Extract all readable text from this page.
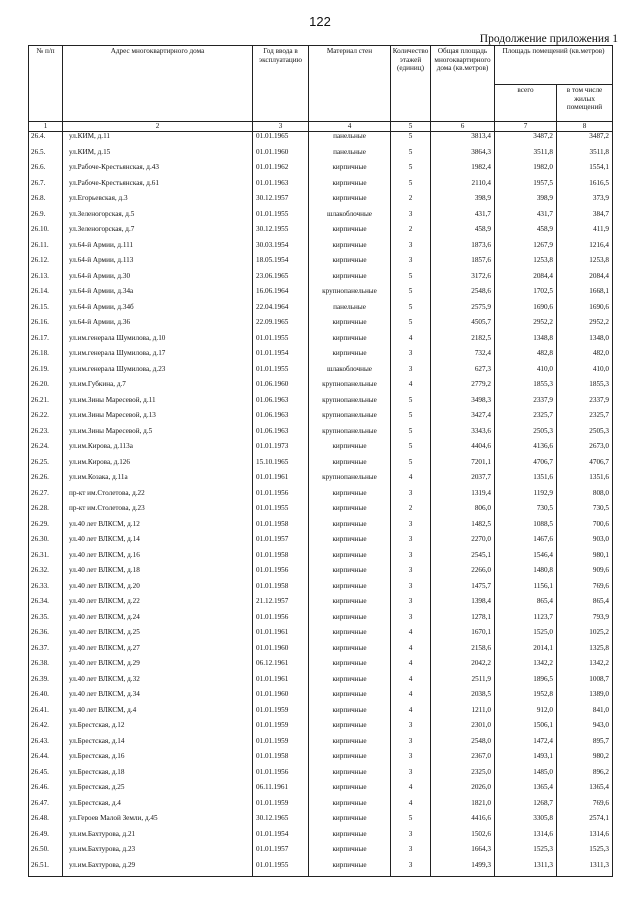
122
Продолжение приложения 1
№ п/п	Адрес многоквартирного дома	Год ввода в эксплуатацию	Материал стен	Количество этажей (единиц)	Общая площадь многоквартирного дома (кв.метров)	Площадь помещений (кв.метров)	
						всего	в том числе жилых помещений
1	2	3	4	5	6	7	8
26.4.	ул.КИМ, д.11	01.01.1965	панельные	5	3813,4	3487,2	3487,2
26.5.	ул.КИМ, д.15	01.01.1960	панельные	5	3864,3	3511,8	3511,8
26.6.	ул.Рабоче-Крестьянская, д.43	01.01.1962	кирпичные	5	1982,4	1982,0	1554,1
26.7.	ул.Рабоче-Крестьянская, д.61	01.01.1963	кирпичные	5	2110,4	1957,5	1616,5
26.8.	ул.Егорьевская, д.3	30.12.1957	кирпичные	2	398,9	398,9	373,9
26.9.	ул.Зеленогорская, д.5	01.01.1955	шлакоблочные	3	431,7	431,7	384,7
26.10.	ул.Зеленогорская, д.7	30.12.1955	кирпичные	2	458,9	458,9	411,9
26.11.	ул.64-й Армии, д.111	30.03.1954	кирпичные	3	1873,6	1267,9	1216,4
26.12.	ул.64-й Армии, д.113	18.05.1954	кирпичные	3	1857,6	1253,8	1253,8
26.13.	ул.64-й Армии, д.30	23.06.1965	кирпичные	5	3172,6	2084,4	2084,4
26.14.	ул.64-й Армии, д.34а	16.06.1964	крупнопанельные	5	2548,6	1702,5	1668,1
26.15.	ул.64-й Армии, д.34б	22.04.1964	панельные	5	2575,9	1690,6	1690,6
26.16.	ул.64-й Армии, д.36	22.09.1965	кирпичные	5	4505,7	2952,2	2952,2
26.17.	ул.им.генерала Шумилова, д.10	01.01.1955	кирпичные	4	2182,5	1348,8	1348,0
26.18.	ул.им.генерала Шумилова, д.17	01.01.1954	кирпичные	3	732,4	482,8	482,0
26.19.	ул.им.генерала Шумилова, д.23	01.01.1955	шлакоблочные	3	627,3	410,0	410,0
26.20.	ул.им.Губкина, д.7	01.06.1960	крупнопанельные	4	2779,2	1855,3	1855,3
26.21.	ул.им.Зины Маресевой, д.11	01.06.1963	крупнопанельные	5	3498,3	2337,9	2337,9
26.22.	ул.им.Зины Маресевой, д.13	01.06.1963	крупнопанельные	5	3427,4	2325,7	2325,7
26.23.	ул.им.Зины Маресевой, д.5	01.06.1963	крупнопанельные	5	3343,6	2505,3	2505,3
26.24.	ул.им.Кирова, д.113а	01.01.1973	кирпичные	5	4404,6	4136,6	2673,0
26.25.	ул.им.Кирова, д.126	15.10.1965	кирпичные	5	7201,1	4706,7	4706,7
26.26.	ул.им.Козака, д.11а	01.01.1961	крупнопанельные	4	2037,7	1351,6	1351,6
26.27.	пр-кт им.Столетова, д.22	01.01.1956	кирпичные	3	1319,4	1192,9	808,0
26.28.	пр-кт им.Столетова, д.23	01.01.1955	кирпичные	2	806,0	730,5	730,5
26.29.	ул.40 лет ВЛКСМ, д.12	01.01.1958	кирпичные	3	1482,5	1088,5	700,6
26.30.	ул.40 лет ВЛКСМ, д.14	01.01.1957	кирпичные	3	2270,0	1467,6	903,0
26.31.	ул.40 лет ВЛКСМ, д.16	01.01.1958	кирпичные	3	2545,1	1546,4	980,1
26.32.	ул.40 лет ВЛКСМ, д.18	01.01.1956	кирпичные	3	2266,0	1480,8	909,6
26.33.	ул.40 лет ВЛКСМ, д.20	01.01.1958	кирпичные	3	1475,7	1156,1	769,6
26.34.	ул.40 лет ВЛКСМ, д.22	21.12.1957	кирпичные	3	1398,4	865,4	865,4
26.35.	ул.40 лет ВЛКСМ, д.24	01.01.1956	кирпичные	3	1278,1	1123,7	793,9
26.36.	ул.40 лет ВЛКСМ, д.25	01.01.1961	кирпичные	4	1670,1	1525,0	1025,2
26.37.	ул.40 лет ВЛКСМ, д.27	01.01.1960	кирпичные	4	2158,6	2014,1	1325,8
26.38.	ул.40 лет ВЛКСМ, д.29	06.12.1961	кирпичные	4	2042,2	1342,2	1342,2
26.39.	ул.40 лет ВЛКСМ, д.32	01.01.1961	кирпичные	4	2511,9	1896,5	1008,7
26.40.	ул.40 лет ВЛКСМ, д.34	01.01.1960	кирпичные	4	2038,5	1952,8	1389,0
26.41.	ул.40 лет ВЛКСМ, д.4	01.01.1959	кирпичные	4	1211,0	912,0	841,0
26.42.	ул.Брестская, д.12	01.01.1959	кирпичные	3	2301,0	1506,1	943,0
26.43.	ул.Брестская, д.14	01.01.1959	кирпичные	3	2548,0	1472,4	895,7
26.44.	ул.Брестская, д.16	01.01.1958	кирпичные	3	2367,0	1493,1	980,2
26.45.	ул.Брестская, д.18	01.01.1956	кирпичные	3	2325,0	1485,0	896,2
26.46.	ул.Брестская, д.25	06.11.1961	кирпичные	4	2026,0	1365,4	1365,4
26.47.	ул.Брестская, д.4	01.01.1959	кирпичные	4	1821,0	1268,7	769,6
26.48.	ул.Героев Малой Земли, д.45	30.12.1965	кирпичные	5	4416,6	3305,8	2574,1
26.49.	ул.им.Бахтурова, д.21	01.01.1954	кирпичные	3	1502,6	1314,6	1314,6
26.50.	ул.им.Бахтурова, д.23	01.01.1957	кирпичные	3	1664,3	1525,3	1525,3
26.51.	ул.им.Бахтурова, д.29	01.01.1955	кирпичные	3	1499,3	1311,3	1311,3
